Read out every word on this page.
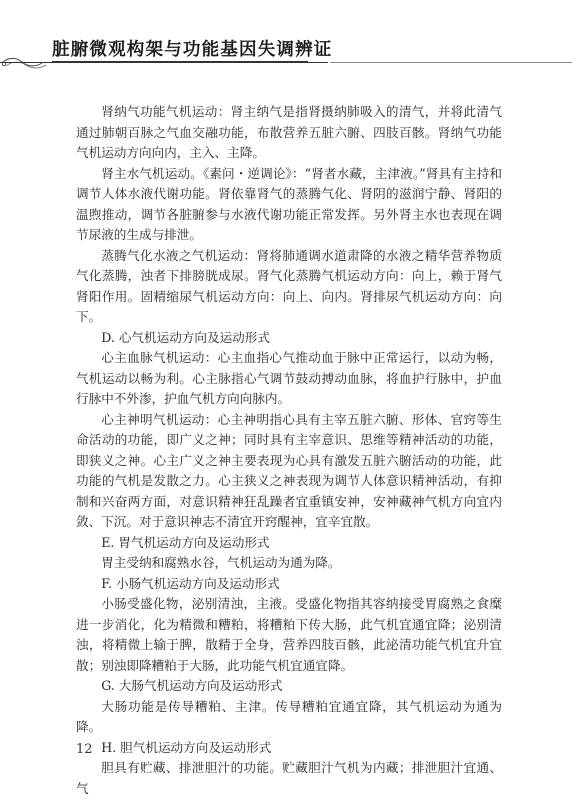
脏腑微观构架与功能基因失调辨证

肾纳气功能气机运动：肾主纳气是指肾摄纳肺吸入的清气，并将此清气通过肺朝百脉之气血交融功能，布散营养五脏六腑、四肢百骸。肾纳气功能气机运动方向向内，主入、主降。

肾主水气机运动。《素问・逆调论》：“肾者水藏，主津液。”肾具有主持和调节人体水液代谢功能。肾依靠肾气的蒸腾气化、肾阴的滋润宁静、肾阳的温煦推动，调节各脏腑参与水液代谢功能正常发挥。另外肾主水也表现在调节尿液的生成与排泄。

蒸腾气化水液之气机运动：肾将肺通调水道肃降的水液之精华营养物质气化蒸腾，浊者下排膀胱成尿。肾气化蒸腾气机运动方向：向上，赖于肾气肾阳作用。固精缩尿气机运动方向：向上、向内。肾排尿气机运动方向：向下。

D. 心气机运动方向及运动形式

心主血脉气机运动：心主血指心气推动血于脉中正常运行，以动为畅，气机运动以畅为利。心主脉指心气调节鼓动搏动血脉，将血护行脉中，护血行脉中不外渗，护血气机方向向脉内。

心主神明气机运动：心主神明指心具有主宰五脏六腑、形体、官窍等生命活动的功能，即广义之神；同时具有主宰意识、思维等精神活动的功能，即狭义之神。心主广义之神主要表现为心具有激发五脏六腑活动的功能，此功能的气机是发散之力。心主狭义之神表现为调节人体意识精神活动，有抑制和兴奋两方面，对意识精神狂乱躁者宜重镇安神，安神藏神气机方向宜内敛、下沉。对于意识神志不清宜开窍醒神，宜辛宜散。

E. 胃气机运动方向及运动形式

胃主受纳和腐熟水谷，气机运动为通为降。

F. 小肠气机运动方向及运动形式

小肠受盛化物，泌别清浊，主液。受盛化物指其容纳接受胃腐熟之食糜进一步消化，化为精微和糟粕，将糟粕下传大肠，此气机宜通宜降；泌别清浊，将精微上输于脾，散精于全身，营养四肢百骸，此泌清功能气机宜升宜散；别浊即降糟粕于大肠，此功能气机宜通宜降。

G. 大肠气机运动方向及运动形式

大肠功能是传导糟粕、主津。传导糟粕宜通宜降，其气机运动为通为降。

H. 胆气机运动方向及运动形式

胆具有贮藏、排泄胆汁的功能。贮藏胆汁气机为内藏；排泄胆汁宜通、气

12
